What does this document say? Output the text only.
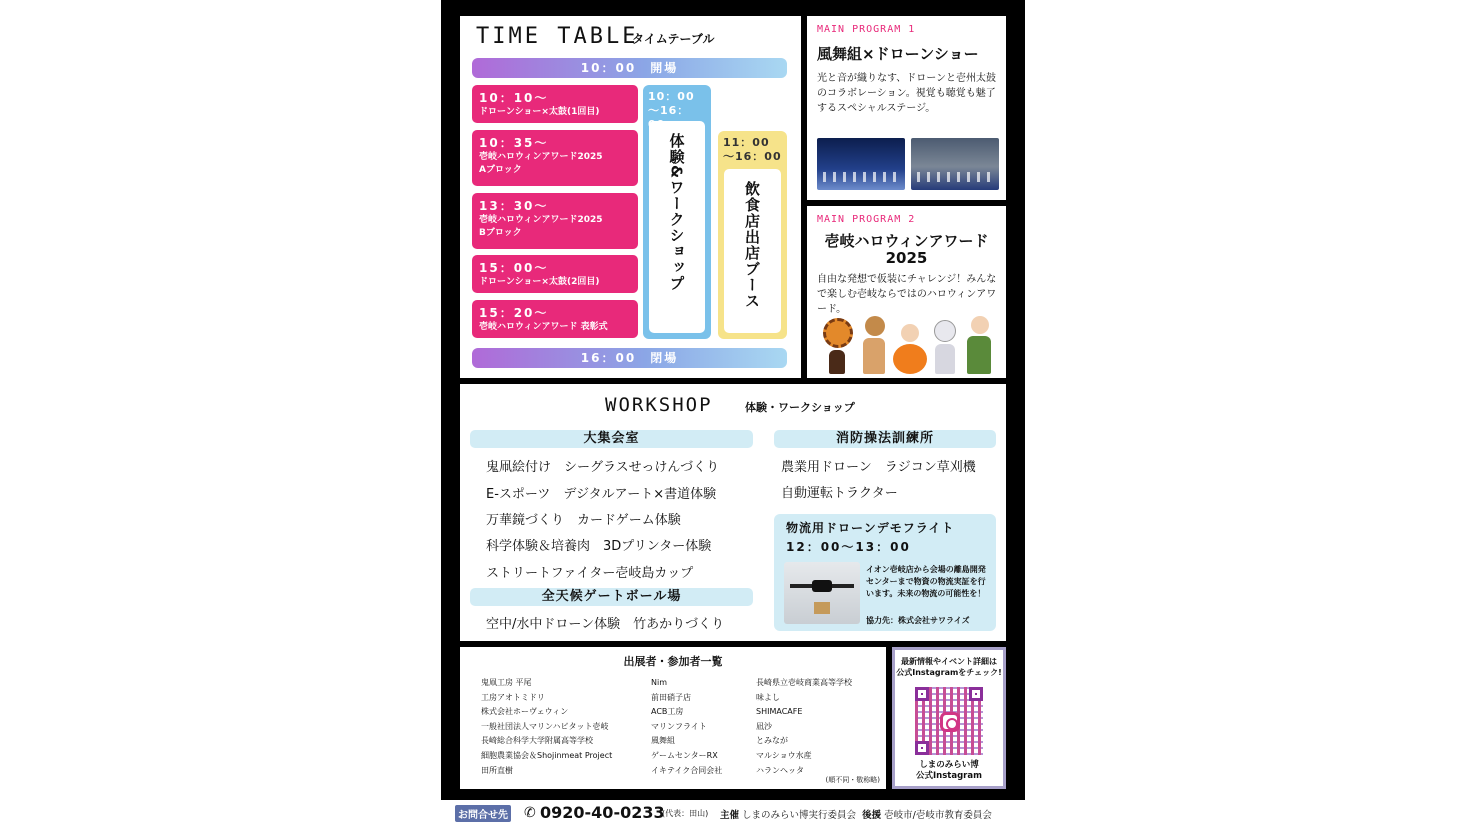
TIME TABLE
タイムテーブル
10：00　開場
10：10〜
ドローンショー×太鼓(1回目)
10：35〜
壱岐ハロウィンアワード2025
Aブロック
13：30〜
壱岐ハロウィンアワード2025
Bブロック
15：00〜
ドローンショー×太鼓(2回目)
15：20〜
壱岐ハロウィンアワード 表彰式
10：00
〜16：
体験&ワークショップ	11：00
〜16：00
飲食店出店ブース
16：00　閉場
MAIN PROGRAM 1
風舞組×ドローンショー
光と音が織りなす、ドローンと壱州太鼓のコラボレーション。視覚も聴覚も魅了するスペシャルステージ。
MAIN PROGRAM 2
壱岐ハロウィンアワード
2025
自由な発想で仮装にチャレンジ！みんなで楽しむ壱岐ならではのハロウィンアワード。
WORKSHOP	体験・ワークショップ
大集会室
鬼凧絵付け　シーグラスせっけんづくり
E-スポーツ　デジタルアート×書道体験
万華鏡づくり　カードゲーム体験
科学体験＆培養肉　3Dプリンター体験
ストリートファイター壱岐島カップ
全天候ゲートボール場
空中/水中ドローン体験　竹あかりづくり
消防操法訓練所
農業用ドローン　ラジコン草刈機
自動運転トラクター
物流用ドローンデモフライト
12：00〜13：00
イオン壱岐店から会場の離島開発センターまで物資の物流実証を行います。未来の物流の可能性を！
協力先：株式会社サワライズ
出展者・参加者一覧
鬼凧工房 平尾
工房アオトミドリ
株式会社ホーヴェウィン
一般社団法人マリンハビタット壱岐
長崎総合科学大学附属高等学校
細胞農業協会＆Shojinmeat Project
田所直樹
Nim
前田硝子店
ACB工房
マリンフライト
風舞組
ゲームセンターRX
イキテイク合同会社
長崎県立壱岐商業高等学校
味よし
SHIMACAFE
凪沙
とみなが
マルショウ水産
ハランヘッタ
(順不同・敬称略)
最新情報やイベント詳細は
公式Instagramをチェック!
しまのみらい博
公式Instagram
お問合せ先 ✆ 0920-40-0233
(代表：田山) 主催 しまのみらい博実行委員会 後援 壱岐市/壱岐市教育委員会
